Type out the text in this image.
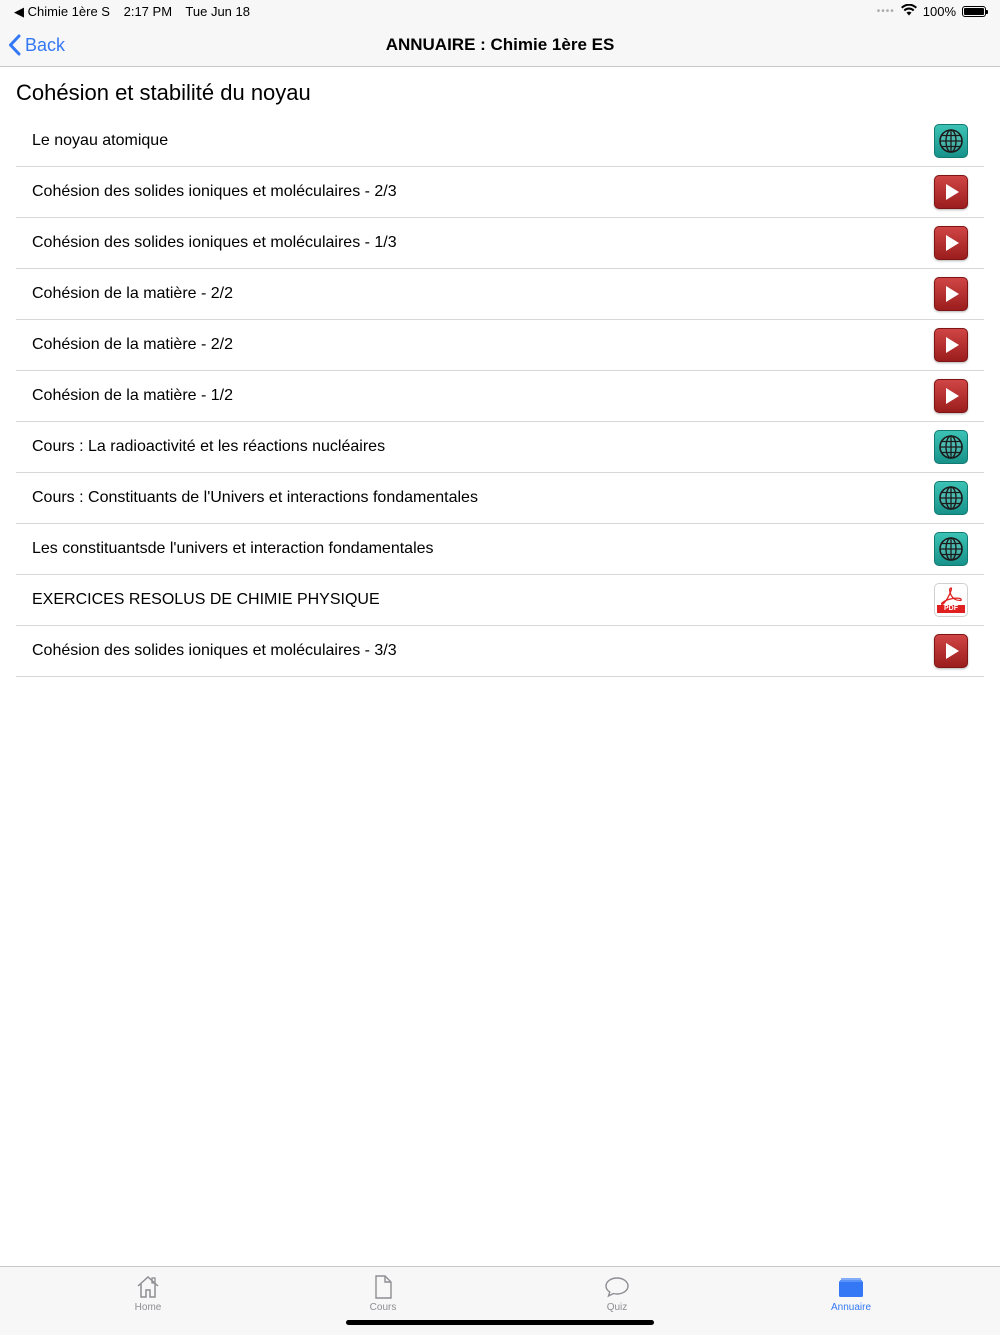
◀ Chimie 1ère S 2:17 PM Tue Jun 18	•••• 100%
Back	ANNUAIRE : Chimie 1ère ES
Cohésion et stabilité du noyau
Le noyau atomique
Cohésion des solides ioniques et moléculaires - 2/3
Cohésion des solides ioniques et moléculaires - 1/3
Cohésion de la matière - 2/2
Cohésion de la matière - 2/2
Cohésion de la matière - 1/2
Cours : La radioactivité et les réactions nucléaires
Cours : Constituants de l'Univers et interactions fondamentales
Les constituantsde l'univers et interaction fondamentales
EXERCICES RESOLUS DE CHIMIE PHYSIQUE
PDF
Cohésion des solides ioniques et moléculaires - 3/3
Home	Cours	Quiz	Annuaire
